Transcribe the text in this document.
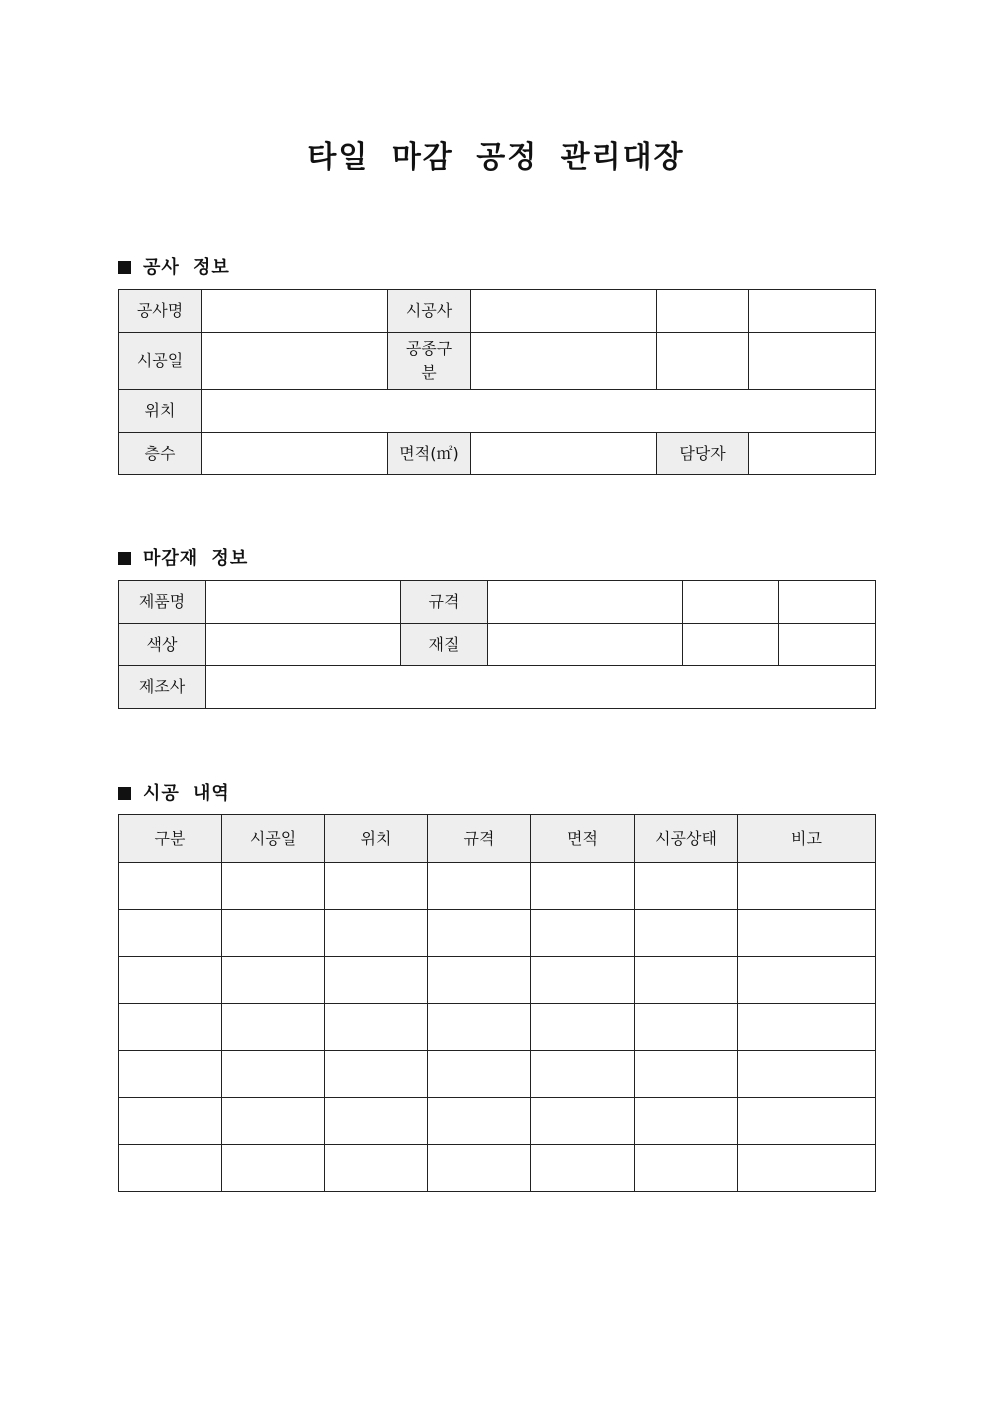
타일 마감 공정 관리대장
공사 정보
공사명		시공사			
시공일		공종구
분			
위치					
층수		면적(㎡)		담당자	
마감재 정보
제품명		규격			
색상		재질			
제조사					
시공 내역
구분	시공일	위치	규격	면적	시공상태	비고
